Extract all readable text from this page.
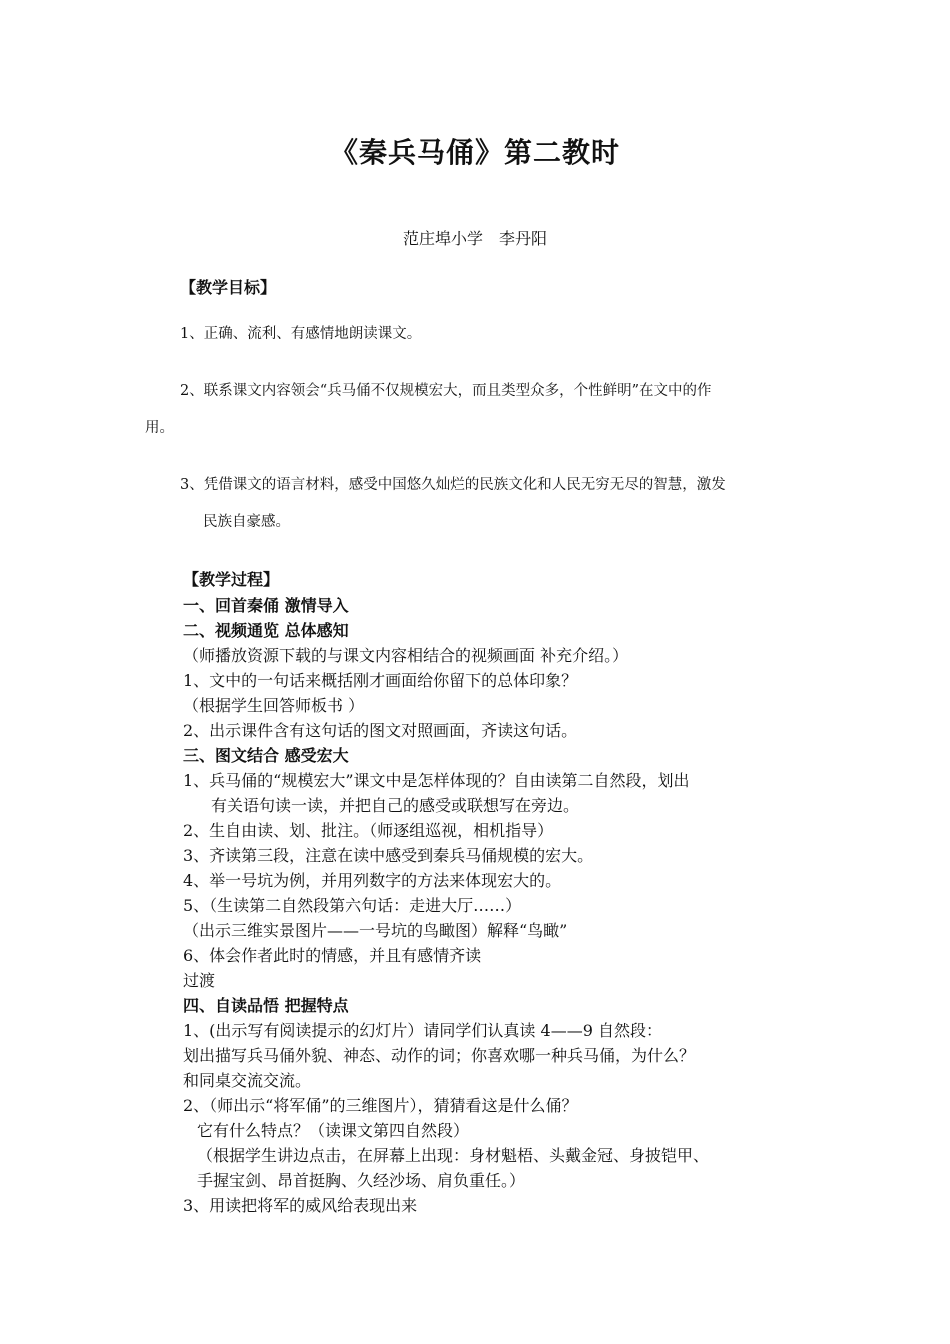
《秦兵马俑》第二教时
范庄埠小学　李丹阳
【教学目标】
1、正确、流利、有感情地朗读课文。
2、联系课文内容领会“兵马俑不仅规模宏大，而且类型众多，个性鲜明”在文中的作
用。
3、凭借课文的语言材料，感受中国悠久灿烂的民族文化和人民无穷无尽的智慧，激发
民族自豪感。
【教学过程】
一、回首秦俑 激情导入
二、视频通览 总体感知
（师播放资源下载的与课文内容相结合的视频画面 补充介绍。）
1、文中的一句话来概括刚才画面给你留下的总体印象？
（根据学生回答师板书 ）
2、出示课件含有这句话的图文对照画面，齐读这句话。
三、图文结合 感受宏大
1、兵马俑的“规模宏大”课文中是怎样体现的？自由读第二自然段，划出
有关语句读一读，并把自己的感受或联想写在旁边。
2、生自由读、划、批注。（师逐组巡视，相机指导）
3、齐读第三段，注意在读中感受到秦兵马俑规模的宏大。
4、举一号坑为例，并用列数字的方法来体现宏大的。
5、（生读第二自然段第六句话：走进大厅……）
（出示三维实景图片——一号坑的鸟瞰图）解释“鸟瞰”
6、体会作者此时的情感，并且有感情齐读
过渡
四、自读品悟 把握特点
1、(出示写有阅读提示的幻灯片）请同学们认真读 4——9 自然段：
划出描写兵马俑外貌、神态、动作的词；你喜欢哪一种兵马俑，为什么？
和同桌交流交流。
2、（师出示“将军俑”的三维图片），猜猜看这是什么俑？
它有什么特点？（读课文第四自然段）
（根据学生讲边点击，在屏幕上出现：身材魁梧、头戴金冠、身披铠甲、
手握宝剑、昂首挺胸、久经沙场、肩负重任。）
3、用读把将军的威风给表现出来
